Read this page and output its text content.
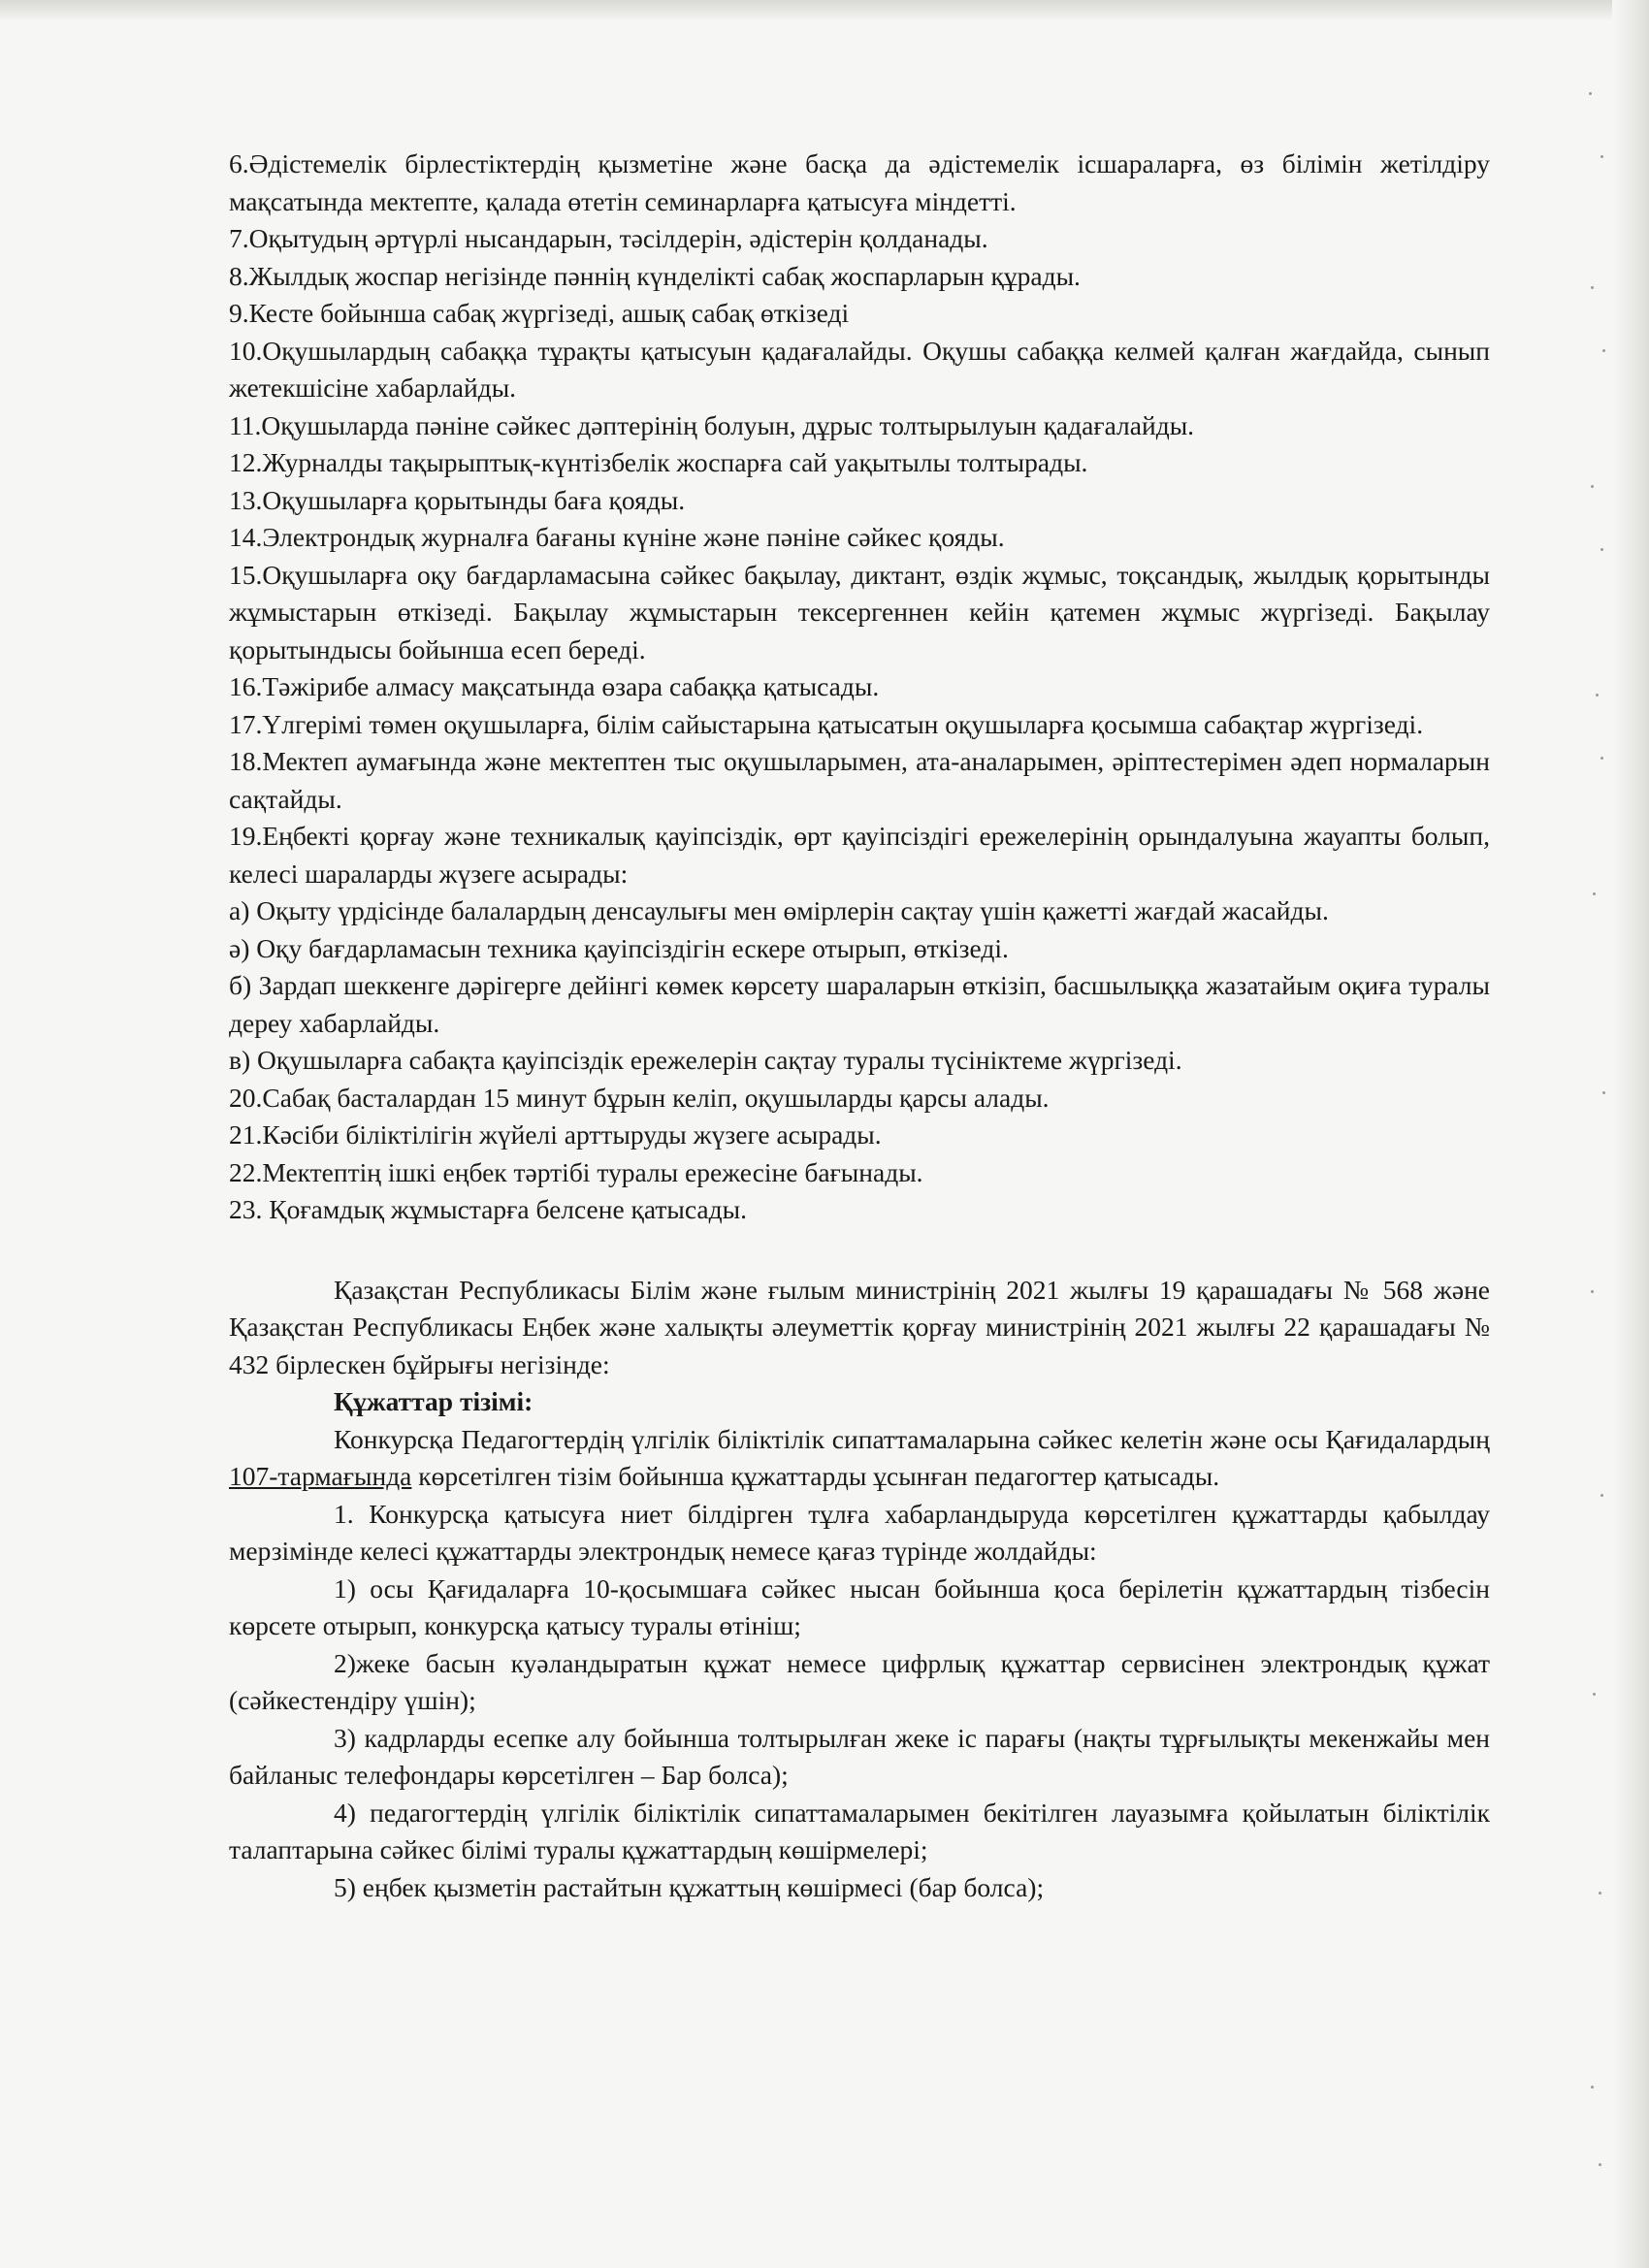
6.Әдістемелік бірлестіктердің қызметіне және басқа да әдістемелік ісшараларға, өз білімін жетілдіру мақсатында мектепте, қалада өтетін семинарларға қатысуға міндетті.

7.Оқытудың әртүрлі нысандарын, тәсілдерін, әдістерін қолданады.

8.Жылдық жоспар негізінде пәннің күнделікті сабақ жоспарларын құрады.

9.Кесте бойынша сабақ жүргізеді, ашық сабақ өткізеді

10.Оқушылардың сабаққа тұрақты қатысуын қадағалайды. Оқушы сабаққа келмей қалған жағдайда, сынып жетекшісіне хабарлайды.

11.Оқушыларда пәніне сәйкес дәптерінің болуын, дұрыс толтырылуын қадағалайды.

12.Журналды тақырыптық-күнтізбелік жоспарға сай уақытылы толтырады.

13.Оқушыларға қорытынды баға қояды.

14.Электрондық журналға бағаны күніне және пәніне сәйкес қояды.

15.Оқушыларға оқу бағдарламасына сәйкес бақылау, диктант, өздік жұмыс, тоқсандық, жылдық қорытынды жұмыстарын өткізеді. Бақылау жұмыстарын тексергеннен кейін қатемен жұмыс жүргізеді. Бақылау қорытындысы бойынша есеп береді.

16.Тәжірибе алмасу мақсатында өзара сабаққа қатысады.

17.Үлгерімі төмен оқушыларға, білім сайыстарына қатысатын оқушыларға қосымша сабақтар жүргізеді.

18.Мектеп аумағында және мектептен тыс оқушыларымен, ата-аналарымен, әріптестерімен әдеп нормаларын сақтайды.

19.Еңбекті қорғау және техникалық қауіпсіздік, өрт қауіпсіздігі ережелерінің орындалуына жауапты болып, келесі шараларды жүзеге асырады:

а) Оқыту үрдісінде балалардың денсаулығы мен өмірлерін сақтау үшін қажетті жағдай жасайды.

ә) Оқу бағдарламасын техника қауіпсіздігін ескере отырып, өткізеді.

б) Зардап шеккенге дәрігерге дейінгі көмек көрсету шараларын өткізіп, басшылыққа жазатайым оқиға туралы дереу хабарлайды.

в) Оқушыларға сабақта қауіпсіздік ережелерін сақтау туралы түсініктеме жүргізеді.

20.Сабақ басталардан 15 минут бұрын келіп, оқушыларды қарсы алады.

21.Кәсіби біліктілігін жүйелі арттыруды жүзеге асырады.

22.Мектептің ішкі еңбек тәртібі туралы ережесіне бағынады.

23. Қоғамдық жұмыстарға белсене қатысады.

Қазақстан Республикасы Білім және ғылым министрінің 2021 жылғы 19 қарашадағы № 568 және Қазақстан Республикасы Еңбек және халықты әлеуметтік қорғау министрінің 2021 жылғы 22 қарашадағы № 432 бірлескен бұйрығы негізінде:

Құжаттар тізімі:

Конкурсқа Педагогтердің үлгілік біліктілік сипаттамаларына сәйкес келетін және осы Қағидалардың 107-тармағында көрсетілген тізім бойынша құжаттарды ұсынған педагогтер қатысады.

1. Конкурсқа қатысуға ниет білдірген тұлға хабарландыруда көрсетілген құжаттарды қабылдау мерзімінде келесі құжаттарды электрондық немесе қағаз түрінде жолдайды:

1) осы Қағидаларға 10-қосымшаға сәйкес нысан бойынша қоса берілетін құжаттардың тізбесін көрсете отырып, конкурсқа қатысу туралы өтініш;

2)жеке басын куәландыратын құжат немесе цифрлық құжаттар сервисінен электрондық құжат (сәйкестендіру үшін);

3) кадрларды есепке алу бойынша толтырылған жеке іс парағы (нақты тұрғылықты мекенжайы мен байланыс телефондары көрсетілген – Бар болса);

4) педагогтердің үлгілік біліктілік сипаттамаларымен бекітілген лауазымға қойылатын біліктілік талаптарына сәйкес білімі туралы құжаттардың көшірмелері;

5) еңбек қызметін растайтын құжаттың көшірмесі (бар болса);
